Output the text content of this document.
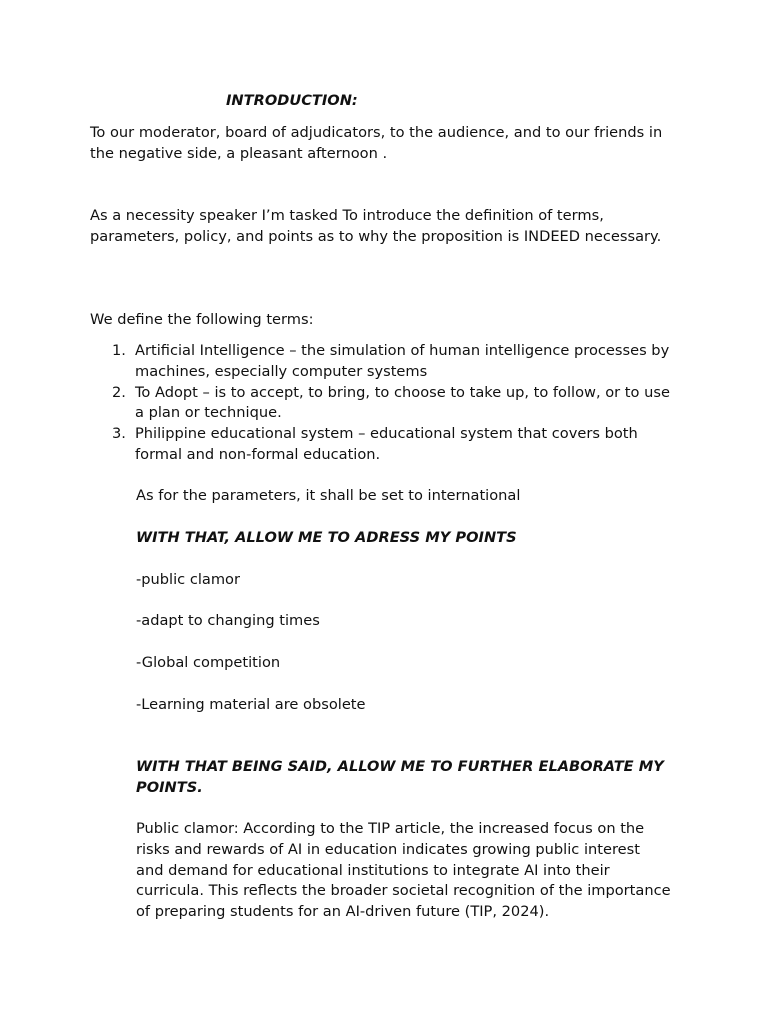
INTRODUCTION:

To our moderator, board of adjudicators, to the audience, and to our friends in the negative side, a pleasant afternoon .

As a necessity speaker I’m tasked To introduce the definition of terms, parameters, policy, and points as to why the proposition is INDEED necessary.

We define the following terms:

1. Artificial Intelligence – the simulation of human intelligence processes by machines, especially computer systems
2. To Adopt – is to accept, to bring, to choose to take up, to follow, or to use a plan or technique.
3. Philippine educational system – educational system that covers both formal and non-formal education.

As for the parameters, it shall be set to international

WITH THAT, ALLOW ME TO ADRESS MY POINTS

-public clamor

-adapt to changing times

-Global competition

-Learning material are obsolete

WITH THAT BEING SAID, ALLOW ME TO FURTHER ELABORATE MY POINTS.

Public clamor: According to the TIP article, the increased focus on the risks and rewards of AI in education indicates growing public interest and demand for educational institutions to integrate AI into their curricula. This reflects the broader societal recognition of the importance of preparing students for an AI-driven future (TIP, 2024).
